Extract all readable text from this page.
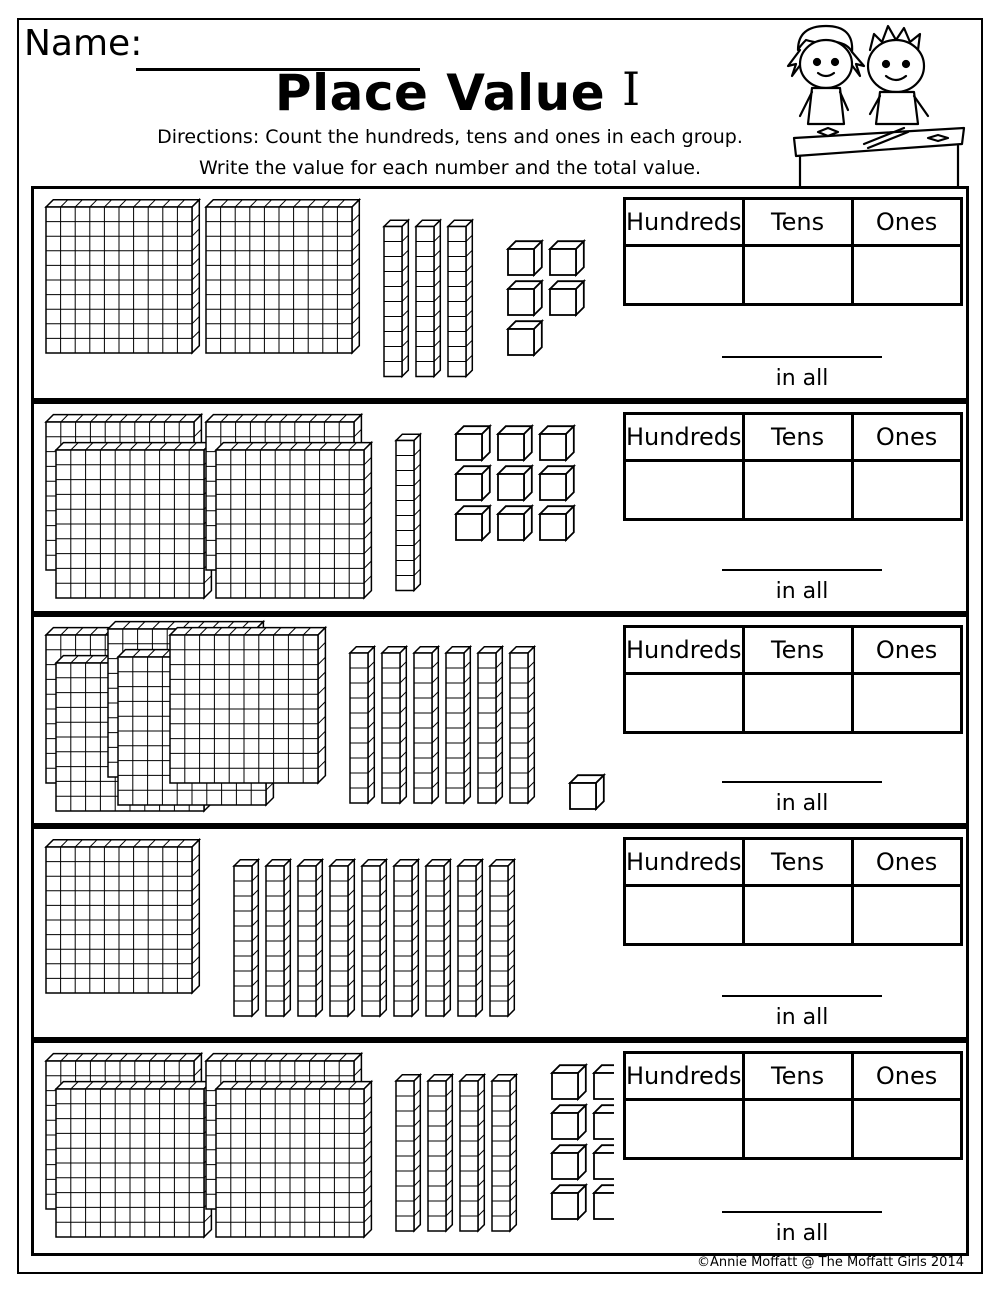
Name:
Place Value I
Directions: Count the hundreds, tens and ones in each group.
Write the value for each number and the total value.
Hundreds	Tens	Ones

in all
Hundreds	Tens	Ones

in all
Hundreds	Tens	Ones

in all
Hundreds	Tens	Ones

in all
Hundreds	Tens	Ones

in all
©Annie Moffatt @ The Moffatt Girls 2014
